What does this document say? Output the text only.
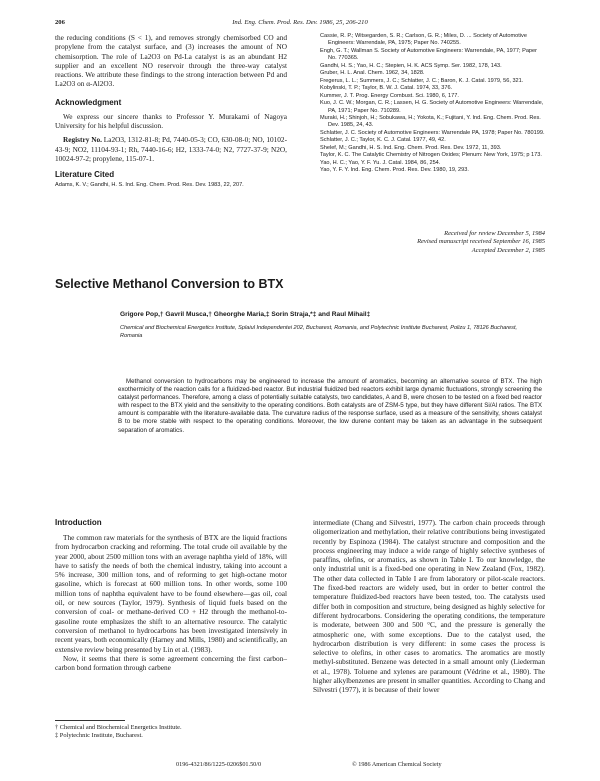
206	Ind. Eng. Chem. Prod. Res. Dev. 1986, 25, 206-210

the reducing conditions (S < 1), and removes strongly chemisorbed CO and propylene from the catalyst surface, and (3) increases the amount of NO chemisorption. The role of La2O3 on Pd-La catalyst is as an abundant H2 supplier and an excellent NO reservoir through the three-way catalyst reactions. We attribute these findings to the strong interaction between Pd and La2O3 on α-Al2O3.

Acknowledgment

We express our sincere thanks to Professor Y. Murakami of Nagoya University for his helpful discussion.

Registry No. La2O3, 1312-81-8; Pd, 7440-05-3; CO, 630-08-0; NO, 10102-43-9; NO2, 11104-93-1; Rh, 7440-16-6; H2, 1333-74-0; N2, 7727-37-9; N2O, 10024-97-2; propylene, 115-07-1.

Literature Cited
Adams, K. V.; Gandhi, H. S. Ind. Eng. Chem. Prod. Res. Dev. 1983, 22, 207.
Cassie, R. P.; Witsegarden, S. R.; Carlson, G. R.; Miles, D. ... Society of Automotive Engineers: Warrendale, PA, 1975; Paper No. 740255.
Engh, G. T.; Wallman S. Society of Automotive Engineers: Warrendale, PA, 1977; Paper No. 770365.
Gandhi, H. S.; Yao, H. C.; Stepien, H. K. ACS Symp. Ser. 1982, 178, 143.
Gruber, H. L. Anal. Chem. 1962, 34, 1828.
Fregerus, L. L.; Summers, J. C.; Schlatter, J. C.; Baron, K. J. Catal. 1979, 56, 321.
Kobylinski, T. P.; Taylor, B. W. J. Catal. 1974, 33, 376.
Kummer, J. T. Prog. Energy Combust. Sci. 1980, 6, 177.
Kuo, J. C. W.; Morgan, C. R.; Lassen, H. G. Society of Automotive Engineers: Warrendale, PA, 1971; Paper No. 710289.
Muraki, H.; Shinjoh, H.; Sobukawa, H.; Yokota, K.; Fujitani, Y. Ind. Eng. Chem. Prod. Res. Dev. 1985, 24, 43.
Schlatter, J. C. Society of Automotive Engineers: Warrendale PA, 1978; Paper No. 780199.
Schlatter, J. C.; Taylor, K. C. J. Catal. 1977, 49, 42.
Shelef, M.; Gandhi, H. S. Ind. Eng. Chem. Prod. Res. Dev. 1972, 11, 393.
Taylor, K. C. The Catalytic Chemistry of Nitrogen Oxides; Plenum: New York, 1975; p 173.
Yao, H. C.; Yao, Y. F. Yu. J. Catal. 1984, 86, 254.
Yao, Y. F. Y. Ind. Eng. Chem. Prod. Res. Dev. 1980, 19, 293.
Received for review December 5, 1984
Revised manuscript received September 16, 1985
Accepted December 2, 1985
Selective Methanol Conversion to BTX
Grigore Pop,† Gavril Musca,† Gheorghe Maria,‡ Sorin Straja,*‡ and Raul Mihail‡
Chemical and Biochemical Energetics Institute, Splaiul Independentei 202, Bucharest, Romania, and Polytechnic Institute Bucharest, Polizu 1, 78126 Bucharest, Romania

Methanol conversion to hydrocarbons may be engineered to increase the amount of aromatics, becoming an alternative source of BTX. The high exothermicity of the reaction calls for a fluidized-bed reactor. But industrial fluidized bed reactors exhibit large dynamic fluctuations, strongly screening the catalyst performances. Therefore, among a class of potentially suitable catalysts, two candidates, A and B, were chosen to be tested on a fixed bed reactor with respect to the BTX yield and the sensitivity to the operating conditions. Both catalysts are of ZSM-5 type, but they have different Si/Al ratios. The BTX amount is comparable with the literature-available data. The curvature radius of the response surface, used as a measure of the sensitivity, shows catalyst B to be more stable with respect to the operating conditions. Moreover, the low durene content may be taken as an advantage in the subsequent separation of aromatics.

Introduction

The common raw materials for the synthesis of BTX are the liquid fractions from hydrocarbon cracking and reforming. The total crude oil available by the year 2000, about 2500 million tons with an average naphtha yield of 18%, will have to satisfy the needs of both the chemical industry, taking into account a 5% increase, 300 million tons, and of reforming to get high-octane motor gasoline, which is forecast at 600 million tons. In other words, some 100 million tons of naphtha equivalent have to be found elsewhere—gas oil, coal oil, or new sources (Taylor, 1979). Synthesis of liquid fuels based on the conversion of coal- or methane-derived CO + H2 through the methanol-to-gasoline route emphasizes the shift to an alternative resource. The catalytic conversion of methanol to hydrocarbons has been investigated intensively in recent years, both economically (Harney and Mills, 1980) and scientifically, an extensive review being presented by Lin et al. (1983).

Now, it seems that there is some agreement concerning the first carbon–carbon bond formation through carbene

intermediate (Chang and Silvestri, 1977). The carbon chain proceeds through oligomerization and methylation, their relative contributions being investigated recently by Espinoza (1984). The catalyst structure and composition and the process engineering may induce a wide range of highly selective syntheses of paraffins, olefins, or aromatics, as shown in Table I. To our knowledge, the only industrial unit is a fixed-bed one operating in New Zealand (Fox, 1982). The other data collected in Table I are from laboratory or pilot-scale reactors. The fixed-bed reactors are widely used, but in order to better control the temperature fluidized-bed reactors have been tested, too. The catalysts used differ both in composition and structure, being designed as highly selective for different hydrocarbons. Considering the operating conditions, the temperature is moderate, between 300 and 500 °C, and the pressure is generally the atmospheric one, with some exceptions. Due to the catalyst used, the hydrocarbon distribution is very different: in some cases the process is selective to olefins, in other cases to aromatics. The aromatics are mostly methyl-substituted. Benzene was detected in a small amount only (Liederman et al., 1978). Toluene and xylenes are paramount (Védrine et al., 1980). The higher alkylbenzenes are present in smaller quantities. According to Chang and Silvestri (1977), it is because of their lower

† Chemical and Biochemical Energetics Institute.
‡ Polytechnic Institute, Bucharest.
0196-4321/86/1225-0206$01.50/0	© 1986 American Chemical Society
